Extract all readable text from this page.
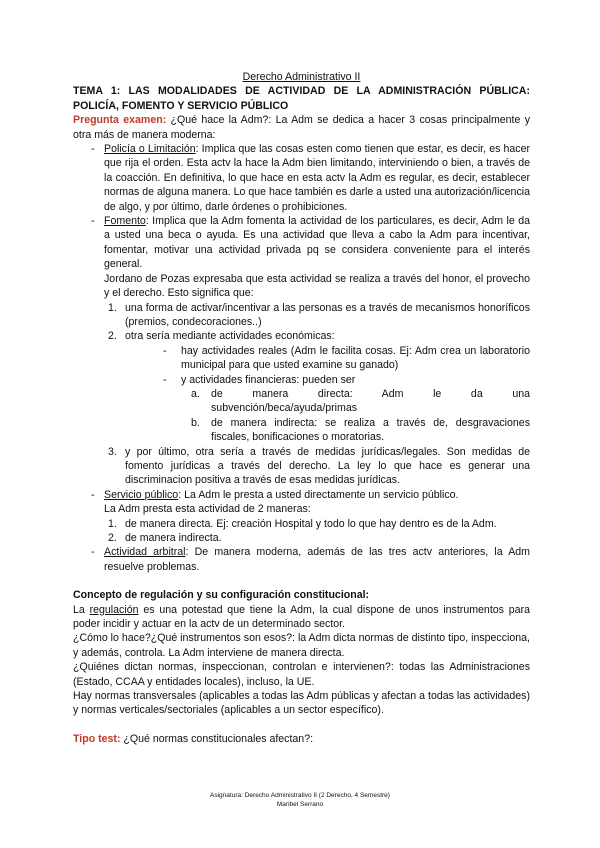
Derecho Administrativo II
TEMA 1: LAS MODALIDADES DE ACTIVIDAD DE LA ADMINISTRACIÓN PÚBLICA: POLICÍA, FOMENTO Y SERVICIO PÚBLICO

Pregunta examen: ¿Qué hace la Adm?: La Adm se dedica a hacer 3 cosas principalmente y otra más de manera moderna:

- Policía o Limitación: Implica que las cosas esten como tienen que estar, es decir, es hacer que rija el orden. Esta actv la hace la Adm bien limitando, interviniendo o bien, a través de la coacción. En definitiva, lo que hace en esta actv la Adm es regular, es decir, establecer normas de alguna manera. Lo que hace también es darle a usted una autorización/licencia de algo, y por último, darle órdenes o prohibiciones.

- Fomento: Implica que la Adm fomenta la actividad de los particulares, es decir, Adm le da a usted una beca o ayuda. Es una actividad que lleva a cabo la Adm para incentivar, fomentar, motivar una actividad privada pq se considera conveniente para el interés general.

Jordano de Pozas expresaba que esta actividad se realiza a través del honor, el provecho y el derecho. Esto significa que:

1. una forma de activar/incentivar a las personas es a través de mecanismos honoríficos (premios, condecoraciones..)

2. otra sería mediante actividades económicas:

- hay actividades reales (Adm le facilita cosas. Ej: Adm crea un laboratorio municipal para que usted examine su ganado)

- y actividades financieras: pueden ser

a. de manera directa: Adm le da una

subvención/beca/ayuda/primas

b. de manera indirecta: se realiza a través de, desgravaciones fiscales, bonificaciones o moratorias.

3. y por último, otra sería a través de medidas jurídicas/legales. Son medidas de fomento jurídicas a través del derecho. La ley lo que hace es generar una discriminacion positiva a través de esas medidas jurídicas.

- Servicio público: La Adm le presta a usted directamente un servicio público.

La Adm presta esta actividad de 2 maneras:

1. de manera directa. Ej: creación Hospital y todo lo que hay dentro es de la Adm.

2. de manera indirecta.

- Actividad arbitral: De manera moderna, además de las tres actv anteriores, la Adm resuelve problemas.

Concepto de regulación y su configuración constitucional:

La regulación es una potestad que tiene la Adm, la cual dispone de unos instrumentos para poder incidir y actuar en la actv de un determinado sector.

¿Cómo lo hace?¿Qué instrumentos son esos?: la Adm dicta normas de distinto tipo, inspecciona, y además, controla. La Adm interviene de manera directa.

¿Quiénes dictan normas, inspeccionan, controlan e intervienen?: todas las Administraciones (Estado, CCAA y entidades locales), incluso, la UE.

Hay normas transversales (aplicables a todas las Adm públicas y afectan a todas las actividades) y normas verticales/sectoriales (aplicables a un sector específico).

Tipo test: ¿Qué normas constitucionales afectan?:

Asignatura: Derecho Administrativo II (2 Derecho, 4 Semestre)
Maribel Serrano
